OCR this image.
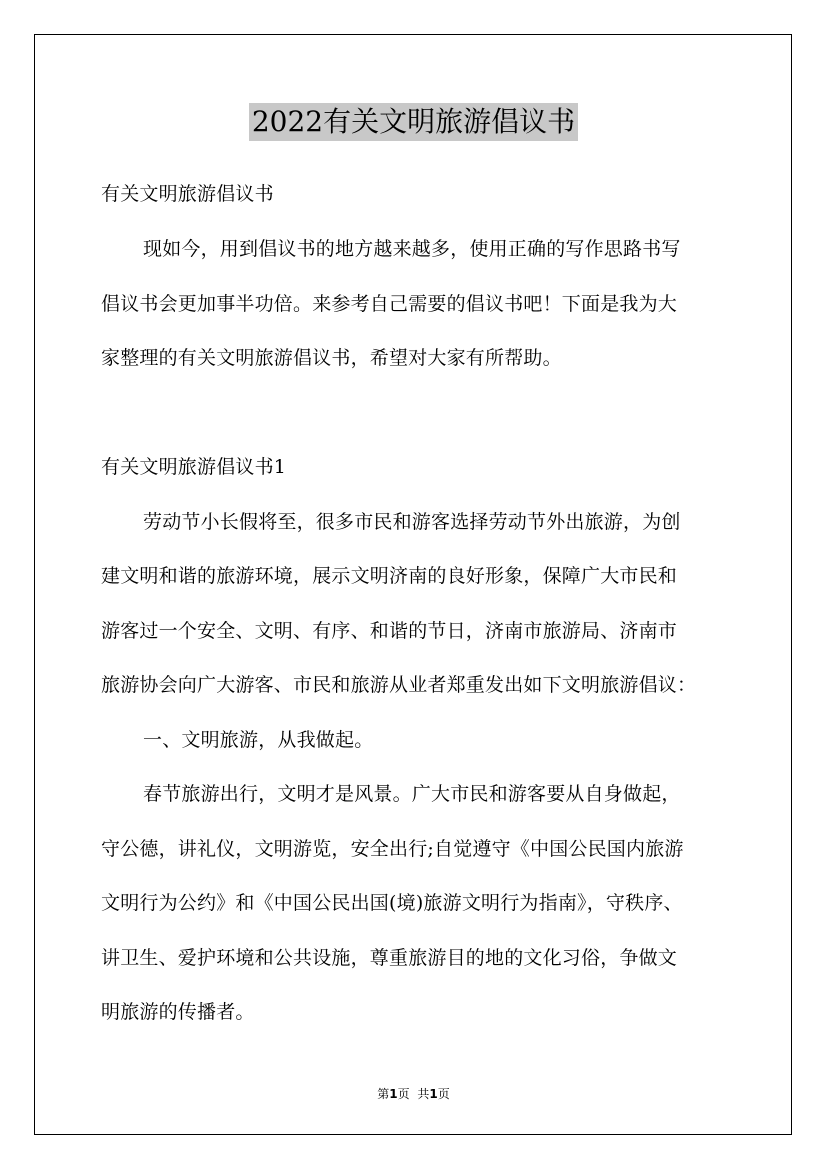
2022有关文明旅游倡议书
有关文明旅游倡议书
现如今，用到倡议书的地方越来越多，使用正确的写作思路书写
倡议书会更加事半功倍。来参考自己需要的倡议书吧！下面是我为大
家整理的有关文明旅游倡议书，希望对大家有所帮助。
有关文明旅游倡议书1
劳动节小长假将至，很多市民和游客选择劳动节外出旅游，为创
建文明和谐的旅游环境，展示文明济南的良好形象，保障广大市民和
游客过一个安全、文明、有序、和谐的节日，济南市旅游局、济南市
旅游协会向广大游客、市民和旅游从业者郑重发出如下文明旅游倡议：
一、文明旅游，从我做起。
春节旅游出行，文明才是风景。广大市民和游客要从自身做起，
守公德，讲礼仪，文明游览，安全出行;自觉遵守《中国公民国内旅游
文明行为公约》和《中国公民出国(境)旅游文明行为指南》，守秩序、
讲卫生、爱护环境和公共设施，尊重旅游目的地的文化习俗，争做文
明旅游的传播者。
第1页 共1页
